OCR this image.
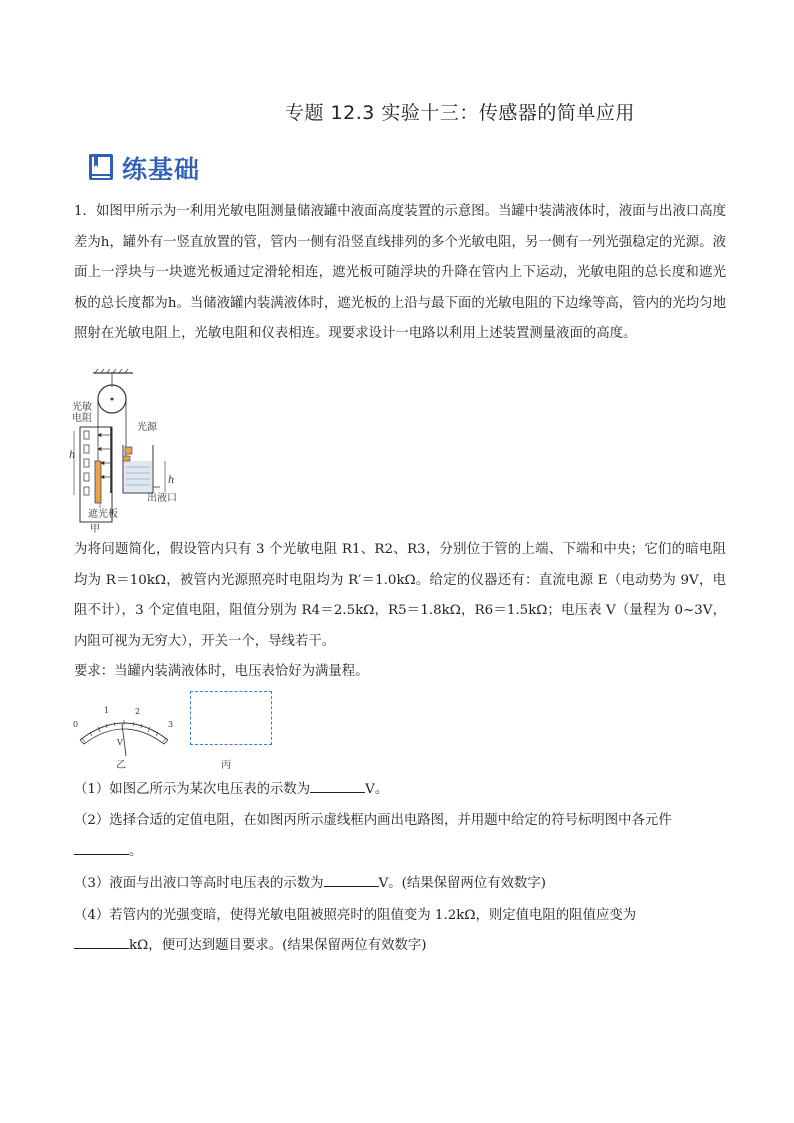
专题 12.3 实验十三：传感器的简单应用
练基础

1．如图甲所示为一利用光敏电阻测量储液罐中液面高度装置的示意图。当罐中装满液体时，液面与出液口高度差为h，罐外有一竖直放置的管，管内一侧有沿竖直线排列的多个光敏电阻，另一侧有一列光强稳定的光源。液面上一浮块与一块遮光板通过定滑轮相连，遮光板可随浮块的升降在管内上下运动，光敏电阻的总长度和遮光板的总长度都为h。当储液罐内装满液体时，遮光板的上沿与最下面的光敏电阻的下边缘等高，管内的光均匀地照射在光敏电阻上，光敏电阻和仪表相连。现要求设计一电路以利用上述装置测量液面的高度。

光敏
电阻
光源
h
h
出液口
遮光板
甲

为将问题简化，假设管内只有 3 个光敏电阻 R1、R2、R3，分别位于管的上端、下端和中央；它们的暗电阻均为 R＝10kΩ，被管内光源照亮时电阻均为 R′＝1.0kΩ。给定的仪器还有：直流电源 E（电动势为 9V，电阻不计），3 个定值电阻，阻值分别为 R4＝2.5kΩ，R5＝1.8kΩ，R6＝1.5kΩ；电压表 V（量程为 0~3V，内阻可视为无穷大），开关一个，导线若干。

要求：当罐内装满液体时，电压表恰好为满量程。
0
1	2
3
V
乙	丙
（1）如图乙所示为某次电压表的示数为	V。
（2）选择合适的定值电阻，在如图丙所示虚线框内画出电路图，并用题中给定的符号标明图中各元件
。
（3）液面与出液口等高时电压表的示数为	V。(结果保留两位有效数字)
（4）若管内的光强变暗，使得光敏电阻被照亮时的阻值变为 1.2kΩ，则定值电阻的阻值应变为
kΩ，便可达到题目要求。(结果保留两位有效数字)
